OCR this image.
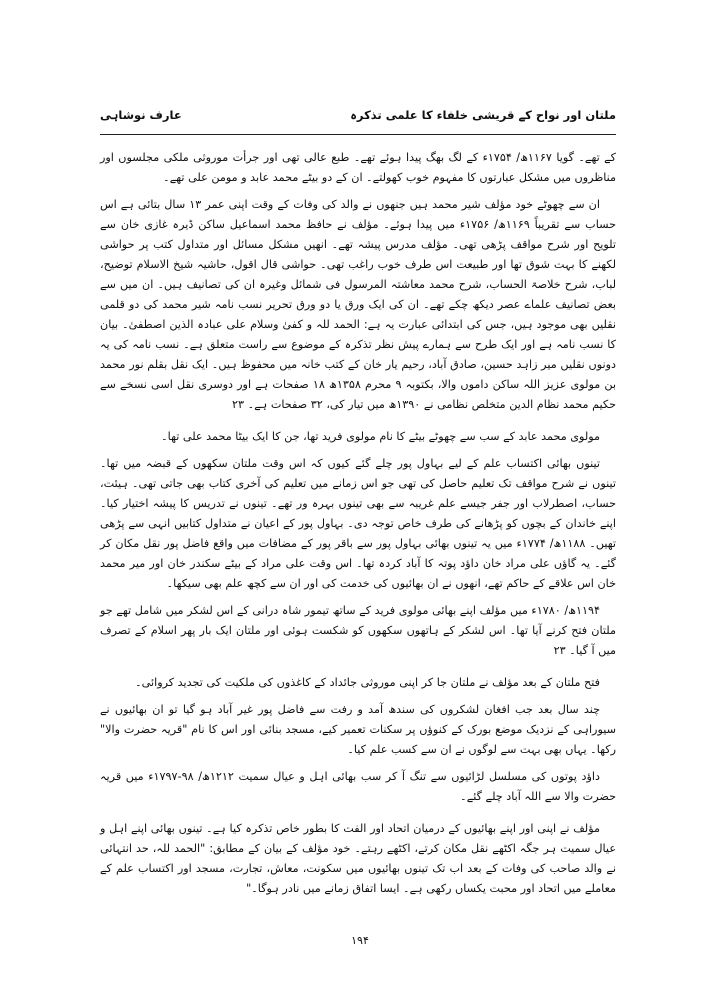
ملتان اور نواح کے قریشی خلفاء کا علمی تذکرہ
عارف نوشاہی

کے تھے۔ گویا ۱۱۶۷ھ/ ۱۷۵۴ء کے لگ بھگ پیدا ہوئے تھے۔ طبع عالی تھی اور جرأت موروثی ملکی مجلسوں اور مناظروں میں مشکل عبارتوں کا مفہوم خوب کھولتے۔ ان کے دو بیٹے محمد عابد و مومن علی تھے۔

ان سے چھوٹے خود مؤلف شیر محمد ہیں جنھوں نے والد کی وفات کے وقت اپنی عمر ۱۳ سال بتائی ہے اس حساب سے تقریباً ۱۱۶۹ھ/ ۱۷۵۶ء میں پیدا ہوئے۔ مؤلف نے حافظ محمد اسماعیل ساکن ڈیرہ غازی خان سے تلویح اور شرح مواقف پڑھی تھی۔ مؤلف مدرس پیشہ تھے۔ انھیں مشکل مسائل اور متداول کتب پر حواشی لکھنے کا بہت شوق تھا اور طبیعت اس طرف خوب راغب تھی۔ حواشی قال اقول، حاشیہ شیخ الاسلام توضیح، لباب، شرح خلاصۃ الحساب، شرح محمد معاشتہ المرسول فی شمائل وغیرہ ان کی تصانیف ہیں۔ ان میں سے بعض تصانیف علماے عصر دیکھ چکے تھے۔ ان کی ایک ورق یا دو ورق تحریر نسب نامہ شیر محمد کی دو قلمی نقلیں بھی موجود ہیں، جس کی ابتدائی عبارت یہ ہے: الحمد للہ و کفیٰ وسلام علی عبادہ الذین اصطفیٰ۔ بیان کا نسب نامہ ہے اور ایک طرح سے ہمارے پیش نظر تذکرہ کے موضوع سے راست متعلق ہے۔ نسب نامہ کی یہ دونوں نقلیں میر زاہد حسین، صادق آباد، رحیم یار خان کے کتب خانہ میں محفوظ ہیں۔ ایک نقل بقلم نور محمد بن مولوی عزیز اللہ ساکن داموں والا، بکتوبہ ۹ محرم ۱۳۵۸ھ ۱۸ صفحات ہے اور دوسری نقل اسی نسخے سے حکیم محمد نظام الدین متخلص نظامی نے ۱۳۹۰ھ میں تیار کی، ۳۲ صفحات ہے۔ ۲۳

مولوی محمد عابد کے سب سے چھوٹے بیٹے کا نام مولوی فرید تھا، جن کا ایک بیٹا محمد علی تھا۔

تینوں بھائی اکتساب علم کے لیے بہاول پور چلے گئے کیوں کہ اس وقت ملتان سکھوں کے قبضہ میں تھا۔ تینوں نے شرح مواقف تک تعلیم حاصل کی تھی جو اس زمانے میں تعلیم کی آخری کتاب بھی جاتی تھی۔ ہیئت، حساب، اصطرلاب اور جفر جیسے علم غریبہ سے بھی تینوں بہرہ ور تھے۔ تینوں نے تدریس کا پیشہ اختیار کیا۔ اپنے خاندان کے بچوں کو پڑھانے کی طرف خاص توجہ دی۔ بہاول پور کے اعیان نے متداول کتابیں انہی سے پڑھی تھیں۔ ۱۱۸۸ھ/ ۱۷۷۴ء میں یہ تینوں بھائی بہاول پور سے باقر پور کے مضافات میں واقع فاضل پور نقل مکان کر گئے۔ یہ گاؤں علی مراد خان داؤد پوتہ کا آباد کردہ تھا۔ اس وقت علی مراد کے بیٹے سکندر خان اور میر محمد خان اس علاقے کے حاکم تھے، انھوں نے ان بھائیوں کی خدمت کی اور ان سے کچھ علم بھی سیکھا۔

۱۱۹۴ھ/ ۱۷۸۰ء میں مؤلف اپنے بھائی مولوی فرید کے ساتھ تیمور شاہ درانی کے اس لشکر میں شامل تھے جو ملتان فتح کرنے آیا تھا۔ اس لشکر کے ہاتھوں سکھوں کو شکست ہوئی اور ملتان ایک بار پھر اسلام کے تصرف میں آ گیا۔ ۲۳

فتح ملتان کے بعد مؤلف نے ملتان جا کر اپنی موروثی جائداد کے کاغذوں کی ملکیت کی تجدید کروائی۔

چند سال بعد جب افغان لشکروں کی سندھ آمد و رفت سے فاضل پور غیر آباد ہو گیا تو ان بھائیوں نے سیوراہی کے نزدیک موضع بورک کے کنوؤں پر سکنات تعمیر کیے، مسجد بنائی اور اس کا نام "قریہ حضرت والا" رکھا۔ یہاں بھی بہت سے لوگوں نے ان سے کسب علم کیا۔

داؤد پوتوں کی مسلسل لڑائیوں سے تنگ آ کر سب بھائی اہل و عیال سمیت ۱۲۱۲ھ/ ۹۸-۱۷۹۷ء میں قریہ حضرت والا سے اللہ آباد چلے گئے۔

مؤلف نے اپنی اور اپنے بھائیوں کے درمیان اتحاد اور الفت کا بطور خاص تذکرہ کیا ہے۔ تینوں بھائی اپنے اہل و عیال سمیت ہر جگہ اکٹھے نقل مکان کرتے، اکٹھے رہتے۔ خود مؤلف کے بیان کے مطابق: "الحمد للہ، حد انتہائی نے والد صاحب کی وفات کے بعد اب تک تینوں بھائیوں میں سکونت، معاش، تجارت، مسجد اور اکتساب علم کے معاملے میں اتحاد اور محبت یکساں رکھی ہے۔ ایسا اتفاق زمانے میں نادر ہوگا۔"

۱۹۴
